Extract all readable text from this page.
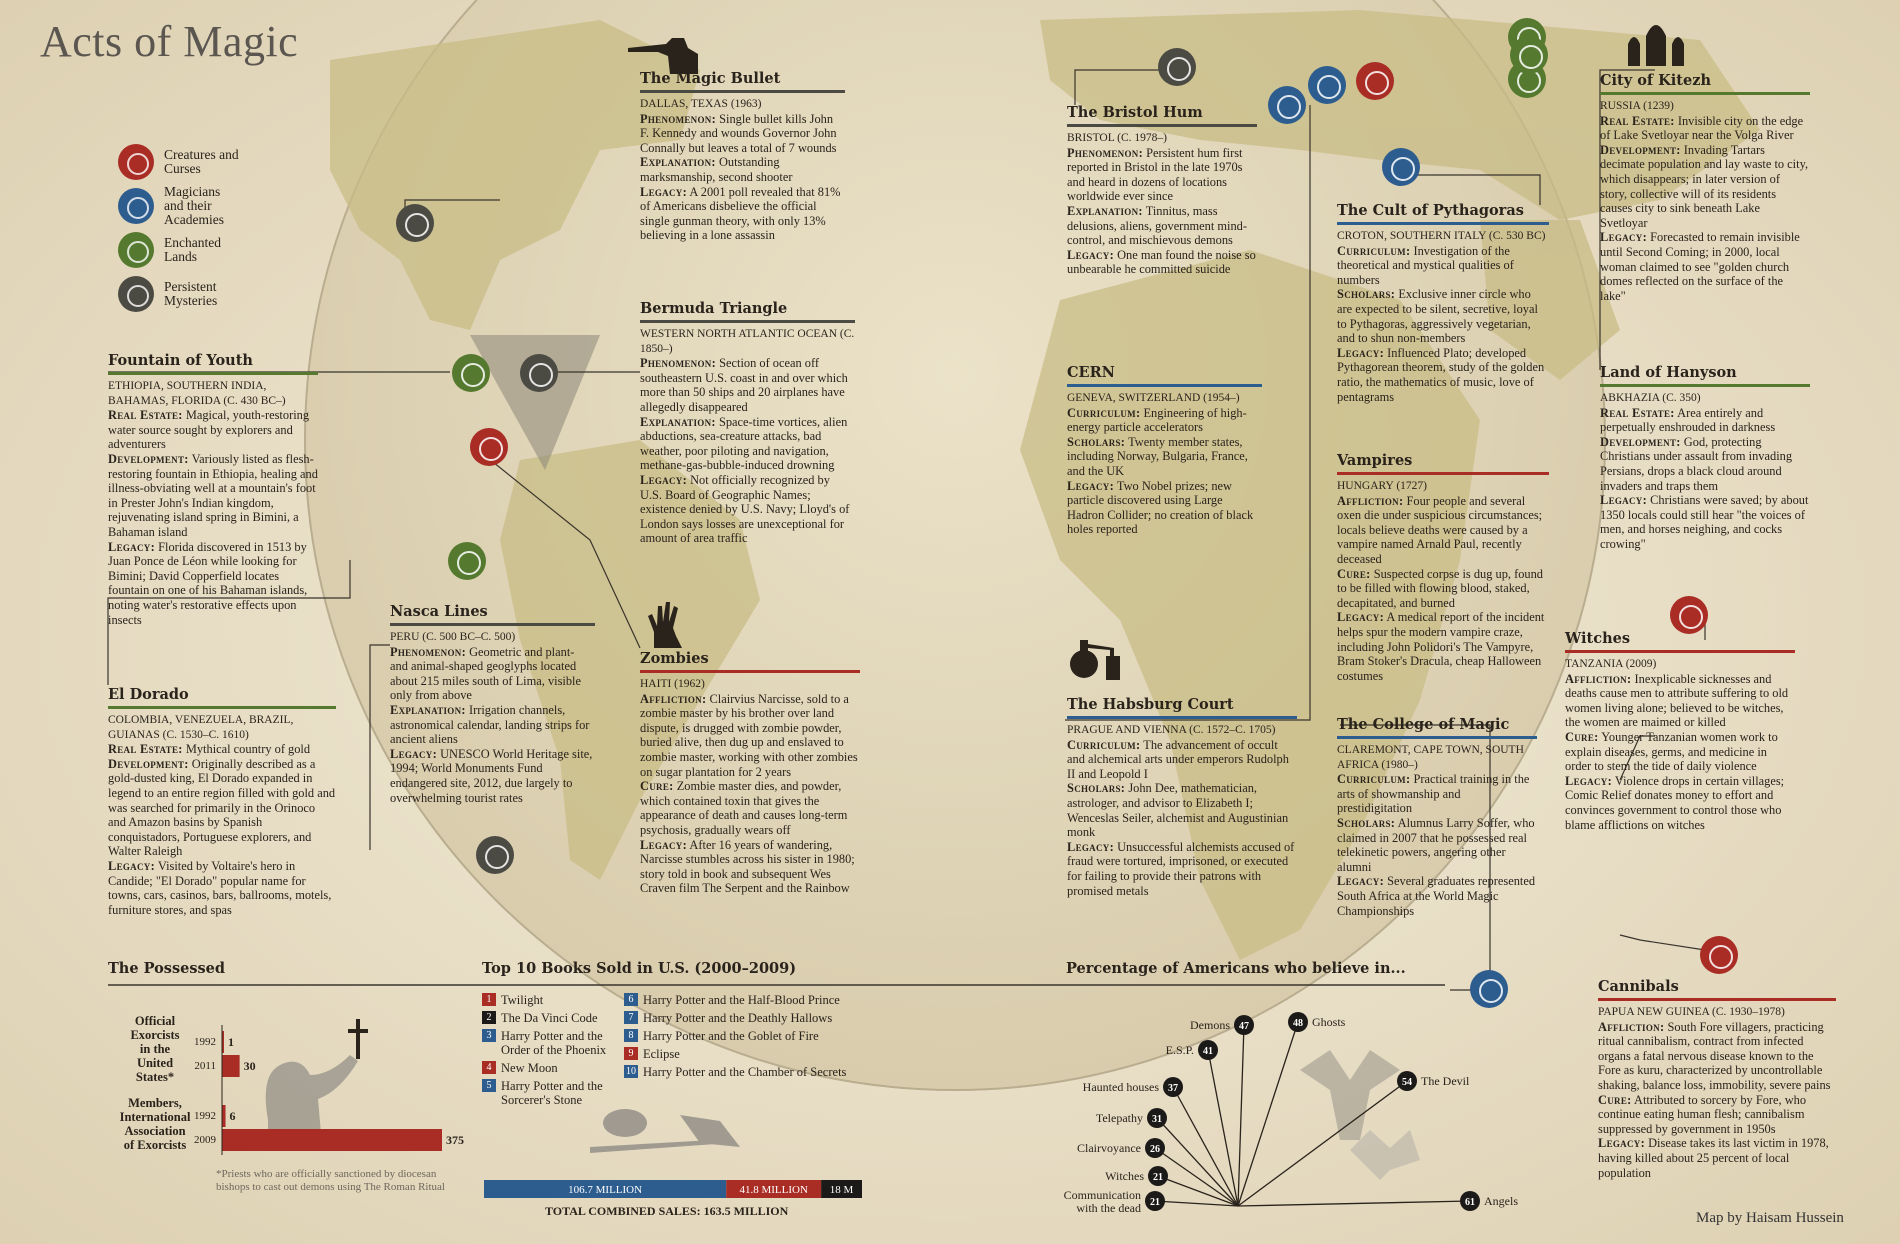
Acts of Magic
Creatures and Curses
Magicians and their Academies
Enchanted Lands
Persistent Mysteries
The Magic Bullet
DALLAS, TEXAS (1963)

Phenomenon: Single bullet kills John F. Kennedy and wounds Governor John Connally but leaves a total of 7 wounds

Explanation: Outstanding marksmanship, second shooter

Legacy: A 2001 poll revealed that 81% of Americans disbelieve the official single gunman theory, with only 13% believing in a lone assassin

Bermuda Triangle
WESTERN NORTH ATLANTIC OCEAN (C. 1850–)

Phenomenon: Section of ocean off southeastern U.S. coast in and over which more than 50 ships and 20 airplanes have allegedly disappeared

Explanation: Space-time vortices, alien abductions, sea-creature attacks, bad weather, poor piloting and navigation, methane-gas-bubble-induced drowning

Legacy: Not officially recognized by U.S. Board of Geographic Names; existence denied by U.S. Navy; Lloyd's of London says losses are unexceptional for amount of area traffic

Fountain of Youth
ETHIOPIA, SOUTHERN INDIA, BAHAMAS, FLORIDA (C. 430 BC–)

Real Estate: Magical, youth-restoring water source sought by explorers and adventurers

Development: Variously listed as flesh-restoring fountain in Ethiopia, healing and illness-obviating well at a mountain's foot in Prester John's Indian kingdom, rejuvenating island spring in Bimini, a Bahaman island

Legacy: Florida discovered in 1513 by Juan Ponce de Léon while looking for Bimini; David Copperfield locates fountain on one of his Bahaman islands, noting water's restorative effects upon insects	Nasca Lines
PERU (C. 500 BC–C. 500)

Phenomenon: Geometric and plant- and animal-shaped geoglyphs located about 215 miles south of Lima, visible only from above

Explanation: Irrigation channels, astronomical calendar, landing strips for ancient aliens

Legacy: UNESCO World Heritage site, 1994; World Monuments Fund endangered site, 2012, due largely to overwhelming tourist rates

El Dorado
COLOMBIA, VENEZUELA, BRAZIL, GUIANAS (C. 1530–C. 1610)

Real Estate: Mythical country of gold

Development: Originally described as a gold-dusted king, El Dorado expanded in legend to an entire region filled with gold and was searched for primarily in the Orinoco and Amazon basins by Spanish conquistadors, Portuguese explorers, and Walter Raleigh

Legacy: Visited by Voltaire's hero in Candide; "El Dorado" popular name for towns, cars, casinos, bars, ballrooms, motels, furniture stores, and spas

Zombies
HAITI (1962)

Affliction: Clairvius Narcisse, sold to a zombie master by his brother over land dispute, is drugged with zombie powder, buried alive, then dug up and enslaved to zombie master, working with other zombies on sugar plantation for 2 years

Cure: Zombie master dies, and powder, which contained toxin that gives the appearance of death and causes long-term psychosis, gradually wears off

Legacy: After 16 years of wandering, Narcisse stumbles across his sister in 1980; story told in book and subsequent Wes Craven film The Serpent and the Rainbow

The Bristol Hum
BRISTOL (C. 1978–)

Phenomenon: Persistent hum first reported in Bristol in the late 1970s and heard in dozens of locations worldwide ever since

Explanation: Tinnitus, mass delusions, aliens, government mind-control, and mischievous demons

Legacy: One man found the noise so unbearable he committed suicide

CERN
GENEVA, SWITZERLAND (1954–)

Curriculum: Engineering of high-energy particle accelerators

Scholars: Twenty member states, including Norway, Bulgaria, France, and the UK

Legacy: Two Nobel prizes; new particle discovered using Large Hadron Collider; no creation of black holes reported

The Habsburg Court
PRAGUE AND VIENNA (C. 1572–C. 1705)

Curriculum: The advancement of occult and alchemical arts under emperors Rudolph II and Leopold I

Scholars: John Dee, mathematician, astrologer, and advisor to Elizabeth I; Wenceslas Seiler, alchemist and Augustinian monk

Legacy: Unsuccessful alchemists accused of fraud were tortured, imprisoned, or executed for failing to provide their patrons with promised metals

The Cult of Pythagoras
CROTON, SOUTHERN ITALY (C. 530 BC)

Curriculum: Investigation of the theoretical and mystical qualities of numbers

Scholars: Exclusive inner circle who are expected to be silent, secretive, loyal to Pythagoras, aggressively vegetarian, and to shun non-members

Legacy: Influenced Plato; developed Pythagorean theorem, study of the golden ratio, the mathematics of music, love of pentagrams

Vampires
HUNGARY (1727)

Affliction: Four people and several oxen die under suspicious circumstances; locals believe deaths were caused by a vampire named Arnald Paul, recently deceased

Cure: Suspected corpse is dug up, found to be filled with flowing blood, staked, decapitated, and burned

Legacy: A medical report of the incident helps spur the modern vampire craze, including John Polidori's The Vampyre, Bram Stoker's Dracula, cheap Halloween costumes

The College of Magic
CLAREMONT, CAPE TOWN, SOUTH AFRICA (1980–)

Curriculum: Practical training in the arts of showmanship and prestidigitation

Scholars: Alumnus Larry Soffer, who claimed in 2007 that he possessed real telekinetic powers, angering other alumni

Legacy: Several graduates represented South Africa at the World Magic Championships

City of Kitezh
RUSSIA (1239)

Real Estate: Invisible city on the edge of Lake Svetloyar near the Volga River

Development: Invading Tartars decimate population and lay waste to city, which disappears; in later version of story, collective will of its residents causes city to sink beneath Lake Svetloyar

Legacy: Forecasted to remain invisible until Second Coming; in 2000, local woman claimed to see "golden church domes reflected on the surface of the lake"

Land of Hanyson
ABKHAZIA (C. 350)

Real Estate: Area entirely and perpetually enshrouded in darkness

Development: God, protecting Christians under assault from invading Persians, drops a black cloud around invaders and traps them

Legacy: Christians were saved; by about 1350 locals could still hear "the voices of men, and horses neighing, and cocks crowing"

Witches
TANZANIA (2009)

Affliction: Inexplicable sicknesses and deaths cause men to attribute suffering to old women living alone; believed to be witches, the women are maimed or killed

Cure: Younger Tanzanian women work to explain diseases, germs, and medicine in order to stem the tide of daily violence

Legacy: Violence drops in certain villages; Comic Relief donates money to effort and convinces government to control those who blame afflictions on witches

Cannibals
PAPUA NEW GUINEA (C. 1930–1978)

Affliction: South Fore villagers, practicing ritual cannibalism, contract from infected organs a fatal nervous disease known to the Fore as kuru, characterized by uncontrollable shaking, balance loss, immobility, severe pains

Cure: Attributed to sorcery by Fore, who continue eating human flesh; cannibalism suppressed by government in 1950s

Legacy: Disease takes its last victim in 1978, having killed about 25 percent of local population

The Possessed	Top 10 Books Sold in U.S. (2000–2009)	Percentage of Americans who believe in...
Official Exorcists in the United States*
1992 1
2011 30
Members, International Association of Exorcists
1992 6
2009	375
*Priests who are officially sanctioned by diocesan bishops to cast out demons using The Roman Ritual
1 Twilight
2 The Da Vinci Code
3 Harry Potter and the Order of the Phoenix
4 New Moon
5 Harry Potter and the Sorcerer's Stone
6 Harry Potter and the Half-Blood Prince
7 Harry Potter and the Deathly Hallows
8 Harry Potter and the Goblet of Fire
9 Eclipse
10 Harry Potter and the Chamber of Secrets
106.7 MILLION	41.8 MILLION 18 M
TOTAL COMBINED SALES: 163.5 MILLION
21
Communication
with the dead
21
Witches
26
Clairvoyance
31
Telepathy
37
Haunted houses
41
E.S.P.
47
Demons	48 Ghosts
54 The Devil
61 Angels
Map by Haisam Hussein
